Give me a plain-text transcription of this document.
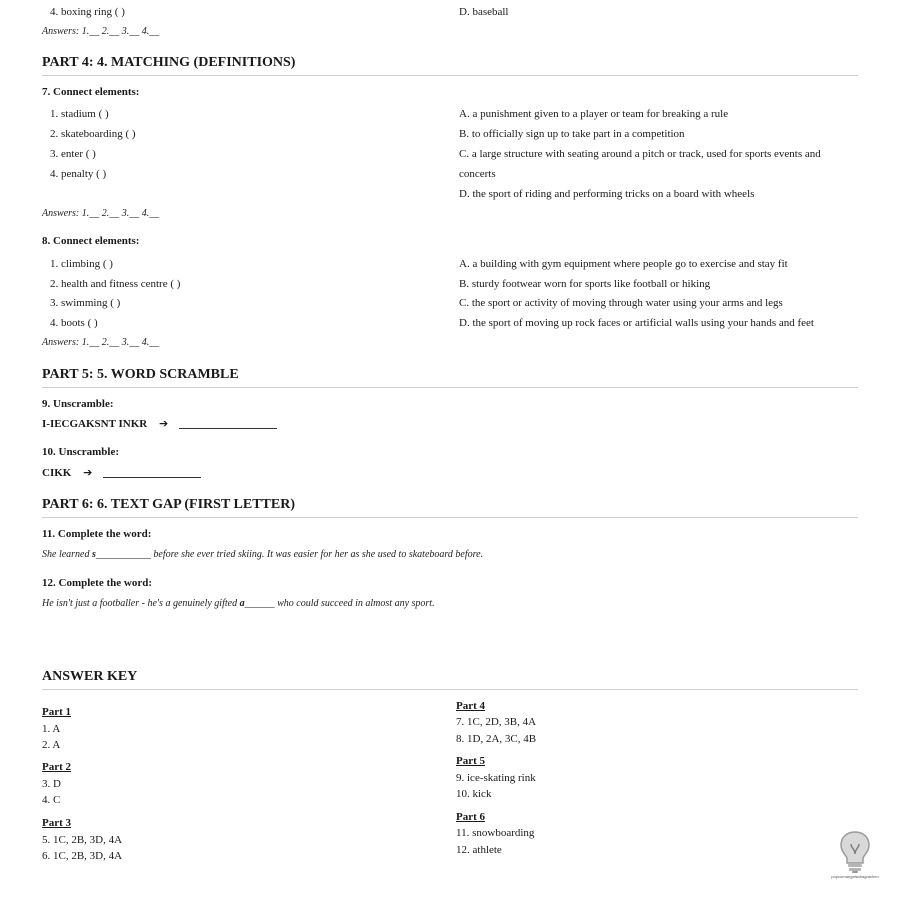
4. boxing ring ( )	D. baseball
Answers: 1.__ 2.__ 3.__ 4.__
PART 4: 4. MATCHING (DEFINITIONS)
7. Connect elements:
1. stadium ( )
2. skateboarding ( )
3. enter ( )
4. penalty ( )
A. a punishment given to a player or team for breaking a rule
B. to officially sign up to take part in a competition
C. a large structure with seating around a pitch or track, used for sports events and
concerts
D. the sport of riding and performing tricks on a board with wheels
Answers: 1.__ 2.__ 3.__ 4.__
8. Connect elements:
1. climbing ( )
2. health and fitness centre ( )
3. swimming ( )
4. boots ( )
A. a building with gym equipment where people go to exercise and stay fit
B. sturdy footwear worn for sports like football or hiking
C. the sport or activity of moving through water using your arms and legs
D. the sport of moving up rock faces or artificial walls using your hands and feet
Answers: 1.__ 2.__ 3.__ 4.__
PART 5: 5. WORD SCRAMBLE
9. Unscramble:
I-IECGAKSNT INKR ➔
10. Unscramble:
CIKK ➔
PART 6: 6. TEXT GAP (FIRST LETTER)
11. Complete the word:
She learned s___________ before she ever tried skiing. It was easier for her as she used to skateboard before.
12. Complete the word:
He isn't just a footballer - he's a genuinely gifted a______ who could succeed in almost any sport.
ANSWER KEY
Part 1
1. A
2. A
Part 2
3. D
4. C
Part 3
5. 1C, 2B, 3D, 4A
6. 1C, 2B, 3D, 4A
Part 4
7. 1C, 2D, 3B, 4A
8. 1D, 2A, 3C, 4B
Part 5
9. ice-skating rink
10. kick
Part 6
11. snowboarding
12. athlete
popcornangelsidragrachen
